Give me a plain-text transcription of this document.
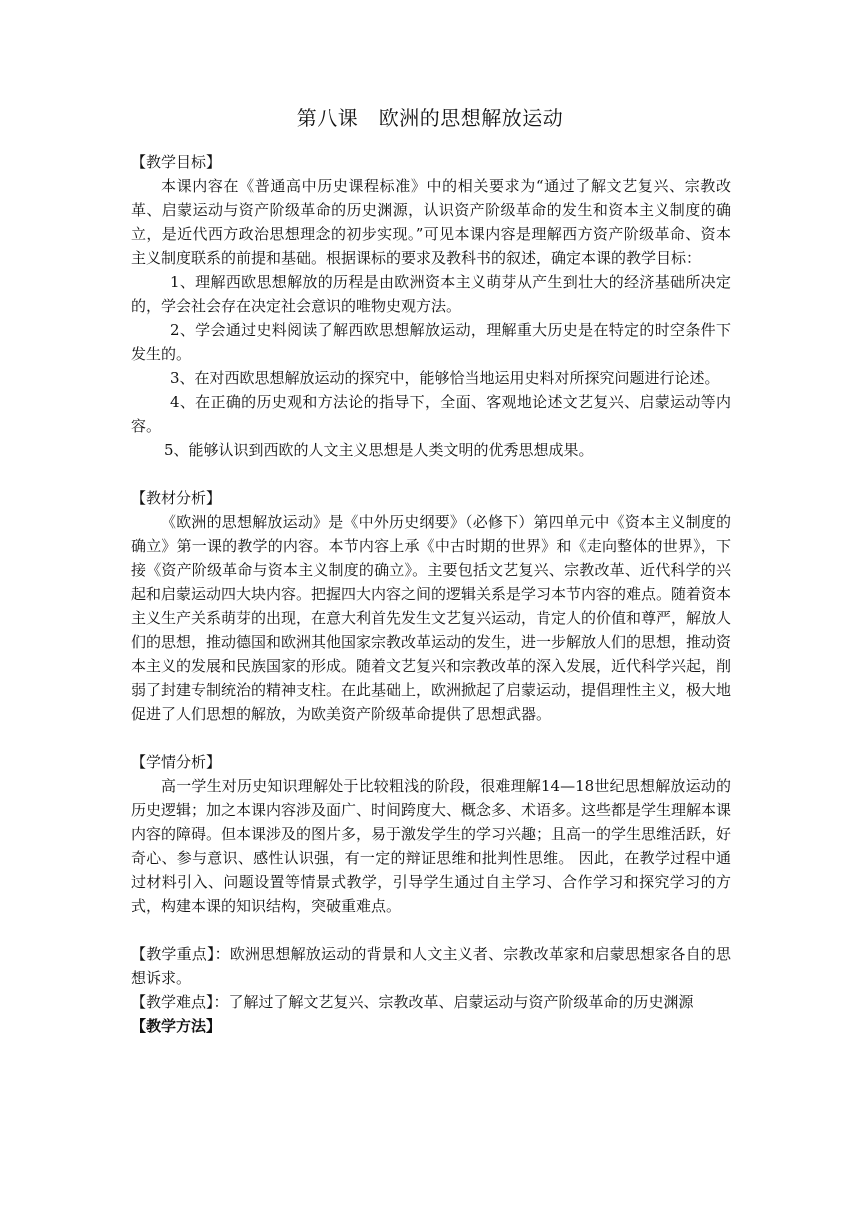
第八课　欧洲的思想解放运动

【教学目标】

本课内容在《普通高中历史课程标准》中的相关要求为“通过了解文艺复兴、宗教改革、启蒙运动与资产阶级革命的历史渊源，认识资产阶级革命的发生和资本主义制度的确立，是近代西方政治思想理念的初步实现。”可见本课内容是理解西方资产阶级革命、资本主义制度联系的前提和基础。根据课标的要求及教科书的叙述，确定本课的教学目标：

1、理解西欧思想解放的历程是由欧洲资本主义萌芽从产生到壮大的经济基础所决定的，学会社会存在决定社会意识的唯物史观方法。

2、学会通过史料阅读了解西欧思想解放运动，理解重大历史是在特定的时空条件下发生的。

3、在对西欧思想解放运动的探究中，能够恰当地运用史料对所探究问题进行论述。

4、在正确的历史观和方法论的指导下，全面、客观地论述文艺复兴、启蒙运动等内容。

5、能够认识到西欧的人文主义思想是人类文明的优秀思想成果。

【教材分析】

《欧洲的思想解放运动》是《中外历史纲要》（必修下）第四单元中《资本主义制度的确立》第一课的教学的内容。本节内容上承《中古时期的世界》和《走向整体的世界》，下接《资产阶级革命与资本主义制度的确立》。主要包括文艺复兴、宗教改革、近代科学的兴起和启蒙运动四大块内容。把握四大内容之间的逻辑关系是学习本节内容的难点。随着资本主义生产关系萌芽的出现，在意大利首先发生文艺复兴运动，肯定人的价值和尊严，解放人们的思想，推动德国和欧洲其他国家宗教改革运动的发生，进一步解放人们的思想，推动资本主义的发展和民族国家的形成。随着文艺复兴和宗教改革的深入发展，近代科学兴起，削弱了封建专制统治的精神支柱。在此基础上，欧洲掀起了启蒙运动，提倡理性主义，极大地促进了人们思想的解放，为欧美资产阶级革命提供了思想武器。

【学情分析】

高一学生对历史知识理解处于比较粗浅的阶段，很难理解14—18世纪思想解放运动的历史逻辑；加之本课内容涉及面广、时间跨度大、概念多、术语多。这些都是学生理解本课内容的障碍。但本课涉及的图片多，易于激发学生的学习兴趣；且高一的学生思维活跃，好奇心、参与意识、感性认识强，有一定的辩证思维和批判性思维。 因此，在教学过程中通过材料引入、问题设置等情景式教学，引导学生通过自主学习、合作学习和探究学习的方式，构建本课的知识结构，突破重难点。

【教学重点】：欧洲思想解放运动的背景和人文主义者、宗教改革家和启蒙思想家各自的思想诉求。

【教学难点】：了解过了解文艺复兴、宗教改革、启蒙运动与资产阶级革命的历史渊源

【教学方法】
